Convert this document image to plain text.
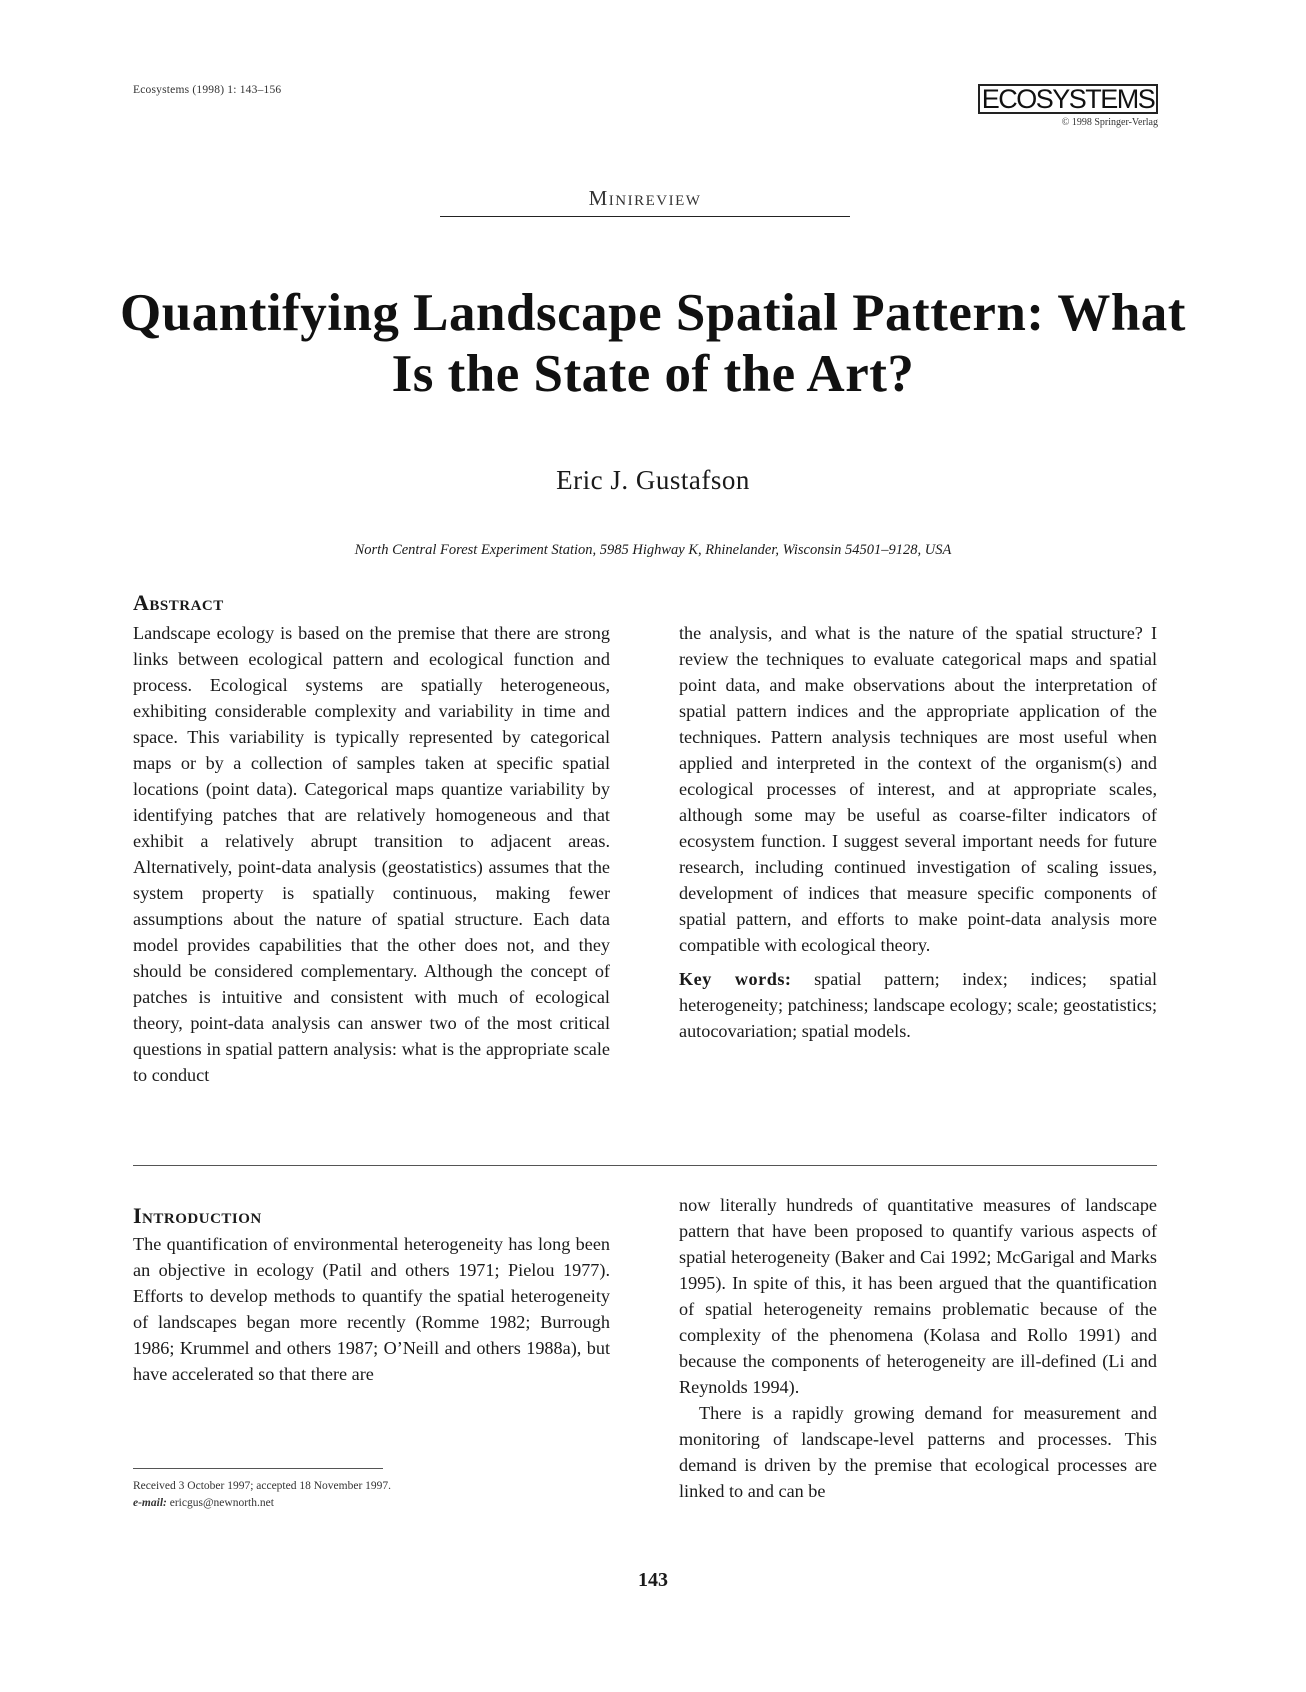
Ecosystems (1998) 1: 143–156	ECOSYSTEMS
© 1998 Springer-Verlag
Minireview
Quantifying Landscape Spatial Pattern: What Is the State of the Art?
Eric J. Gustafson
North Central Forest Experiment Station, 5985 Highway K, Rhinelander, Wisconsin 54501–9128, USA
Abstract

Landscape ecology is based on the premise that there are strong links between ecological pattern and ecological function and process. Ecological systems are spatially heterogeneous, exhibiting considerable complexity and variability in time and space. This variability is typically represented by categorical maps or by a collection of samples taken at specific spatial locations (point data). Categorical maps quantize variability by identifying patches that are relatively homogeneous and that exhibit a relatively abrupt transition to adjacent areas. Alternatively, point-data analysis (geostatistics) assumes that the system property is spatially continuous, making fewer assumptions about the nature of spatial structure. Each data model provides capabilities that the other does not, and they should be considered complementary. Although the concept of patches is intuitive and consistent with much of ecological theory, point-data analysis can answer two of the most critical questions in spatial pattern analysis: what is the appropriate scale to conduct

the analysis, and what is the nature of the spatial structure? I review the techniques to evaluate categorical maps and spatial point data, and make observations about the interpretation of spatial pattern indices and the appropriate application of the techniques. Pattern analysis techniques are most useful when applied and interpreted in the context of the organism(s) and ecological processes of interest, and at appropriate scales, although some may be useful as coarse-filter indicators of ecosystem function. I suggest several important needs for future research, including continued investigation of scaling issues, development of indices that measure specific components of spatial pattern, and efforts to make point-data analysis more compatible with ecological theory.

Key words: spatial pattern; index; indices; spatial heterogeneity; patchiness; landscape ecology; scale; geostatistics; autocovariation; spatial models.

Introduction

The quantification of environmental heterogeneity has long been an objective in ecology (Patil and others 1971; Pielou 1977). Efforts to develop methods to quantify the spatial heterogeneity of landscapes began more recently (Romme 1982; Burrough 1986; Krummel and others 1987; O’Neill and others 1988a), but have accelerated so that there are

now literally hundreds of quantitative measures of landscape pattern that have been proposed to quantify various aspects of spatial heterogeneity (Baker and Cai 1992; McGarigal and Marks 1995). In spite of this, it has been argued that the quantification of spatial heterogeneity remains problematic because of the complexity of the phenomena (Kolasa and Rollo 1991) and because the components of heterogeneity are ill-defined (Li and Reynolds 1994).

There is a rapidly growing demand for measurement and monitoring of landscape-level patterns and processes. This demand is driven by the premise that ecological processes are linked to and can be

Received 3 October 1997; accepted 18 November 1997.
e-mail: ericgus@newnorth.net
143
